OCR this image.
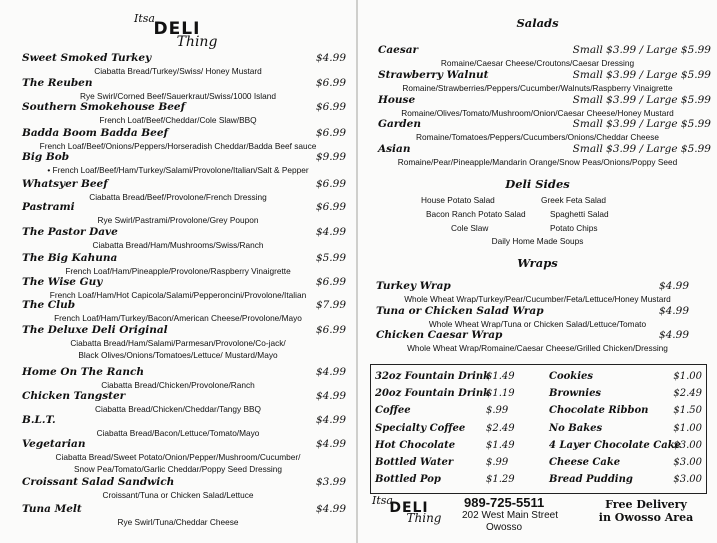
Itsa
DELI
Thing
Sweet Smoked Turkey	$4.99
Ciabatta Bread/Turkey/Swiss/ Honey Mustard
The Reuben	$6.99
Rye Swirl/Corned Beef/Sauerkraut/Swiss/1000 Island
Southern Smokehouse Beef	$6.99
French Loaf/Beef/Cheddar/Cole Slaw/BBQ
Badda Boom Badda Beef	$6.99
French Loaf/Beef/Onions/Peppers/Horseradish Cheddar/Badda Beef sauce
Big Bob	$9.99
• French Loaf/Beef/Ham/Turkey/Salami/Provolone/Italian/Salt & Pepper
Whatsyer Beef	$6.99
Ciabatta Bread/Beef/Provolone/French Dressing
Pastrami	$6.99
Rye Swirl/Pastrami/Provolone/Grey Poupon
The Pastor Dave	$4.99
Ciabatta Bread/Ham/Mushrooms/Swiss/Ranch
The Big Kahuna	$5.99
French Loaf/Ham/Pineapple/Provolone/Raspberry Vinaigrette
The Wise Guy	$6.99
French Loaf/Ham/Hot Capicola/Salami/Pepperoncini/Provolone/Italian
The Club	$7.99
French Loaf/Ham/Turkey/Bacon/American Cheese/Provolone/Mayo
The Deluxe Deli Original	$6.99
Ciabatta Bread/Ham/Salami/Parmesan/Provolone/Co-jack/
Black Olives/Onions/Tomatoes/Lettuce/ Mustard/Mayo
Home On The Ranch	$4.99
Ciabatta Bread/Chicken/Provolone/Ranch
Chicken Tangster	$4.99
Ciabatta Bread/Chicken/Cheddar/Tangy BBQ
B.L.T.	$4.99
Ciabatta Bread/Bacon/Lettuce/Tomato/Mayo
Vegetarian	$4.99
Ciabatta Bread/Sweet Potato/Onion/Pepper/Mushroom/Cucumber/
Snow Pea/Tomato/Garlic Cheddar/Poppy Seed Dressing
Croissant Salad Sandwich	$3.99
Croissant/Tuna or Chicken Salad/Lettuce
Tuna Melt	$4.99
Rye Swirl/Tuna/Cheddar Cheese
Salads
Caesar	Small $3.99 / Large $5.99
Romaine/Caesar Cheese/Croutons/Caesar Dressing
Strawberry Walnut	Small $3.99 / Large $5.99
Romaine/Strawberries/Peppers/Cucumber/Walnuts/Raspberry Vinaigrette
House	Small $3.99 / Large $5.99
Romaine/Olives/Tomato/Mushroom/Onion/Caesar Cheese/Honey Mustard
Garden	Small $3.99 / Large $5.99
Romaine/Tomatoes/Peppers/Cucumbers/Onions/Cheddar Cheese
Asian	Small $3.99 / Large $5.99
Romaine/Pear/Pineapple/Mandarin Orange/Snow Peas/Onions/Poppy Seed
Deli Sides
House Potato Salad
Bacon Ranch Potato Salad
Cole Slaw
Greek Feta Salad
Spaghetti Salad
Potato Chips
Daily Home Made Soups
Wraps
Turkey Wrap	$4.99
Whole Wheat Wrap/Turkey/Pear/Cucumber/Feta/Lettuce/Honey Mustard
Tuna or Chicken Salad Wrap	$4.99
Whole Wheat Wrap/Tuna or Chicken Salad/Lettuce/Tomato
Chicken Caesar Wrap	$4.99
Whole Wheat Wrap/Romaine/Caesar Cheese/Grilled Chicken/Dressing
32oz Fountain Drink
$1.49
20oz Fountain Drink
$1.19
Coffee	$.99
Specialty Coffee $2.49
Hot Chocolate	$1.49
Bottled Water	$.99
Bottled Pop	$1.29
Cookies	$1.00
Brownies	$2.49
Chocolate Ribbon $1.50
No Bakes	$1.00
4 Layer Chocolate Cake
$3.00
Cheese Cake	$3.00
Bread Pudding	$3.00
Itsa
DELI
Thing
989-725-5511
202 West Main Street
Owosso
Free Delivery
in Owosso Area
